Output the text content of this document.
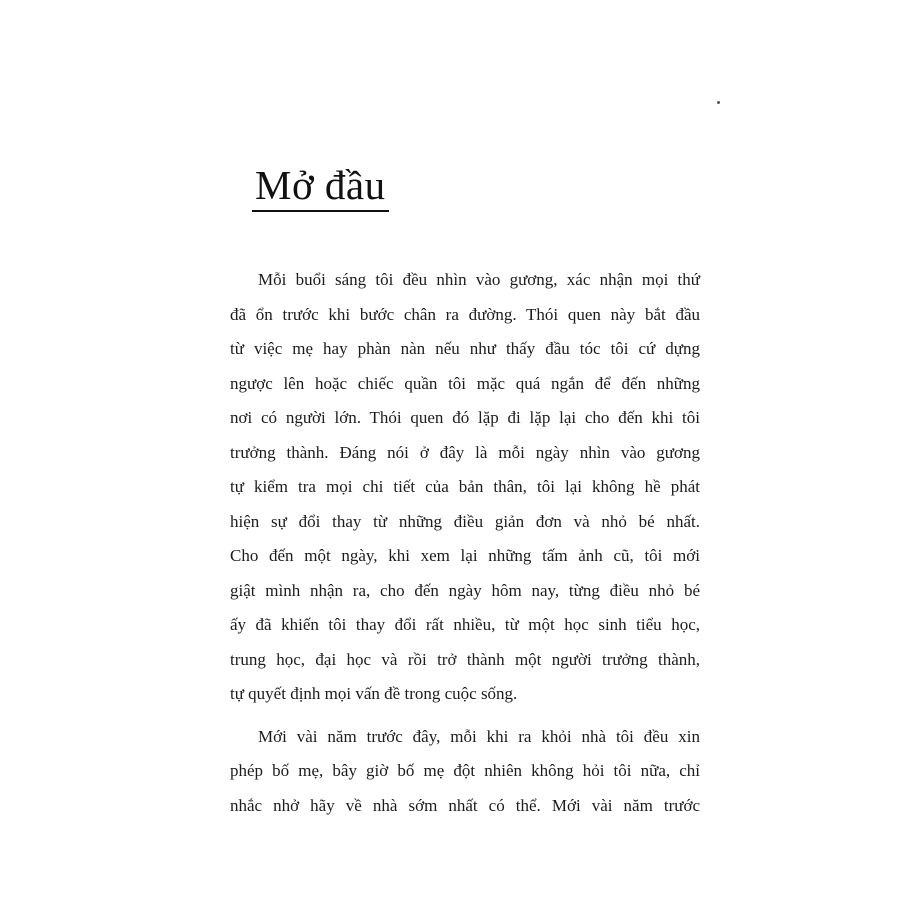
Mở đầu
Mỗi buổi sáng tôi đều nhìn vào gương, xác nhận mọi thứ
đã ổn trước khi bước chân ra đường. Thói quen này bắt đầu
từ việc mẹ hay phàn nàn nếu như thấy đầu tóc tôi cứ dựng
ngược lên hoặc chiếc quần tôi mặc quá ngắn để đến những
nơi có người lớn. Thói quen đó lặp đi lặp lại cho đến khi tôi
trưởng thành. Đáng nói ở đây là mỗi ngày nhìn vào gương
tự kiểm tra mọi chi tiết của bản thân, tôi lại không hề phát
hiện sự đổi thay từ những điều giản đơn và nhỏ bé nhất.
Cho đến một ngày, khi xem lại những tấm ảnh cũ, tôi mới
giật mình nhận ra, cho đến ngày hôm nay, từng điều nhỏ bé
ấy đã khiến tôi thay đổi rất nhiều, từ một học sinh tiểu học,
trung học, đại học và rồi trở thành một người trưởng thành,
tự quyết định mọi vấn đề trong cuộc sống.
Mới vài năm trước đây, mỗi khi ra khỏi nhà tôi đều xin
phép bố mẹ, bây giờ bố mẹ đột nhiên không hỏi tôi nữa, chỉ
nhắc nhở hãy về nhà sớm nhất có thể. Mới vài năm trước
